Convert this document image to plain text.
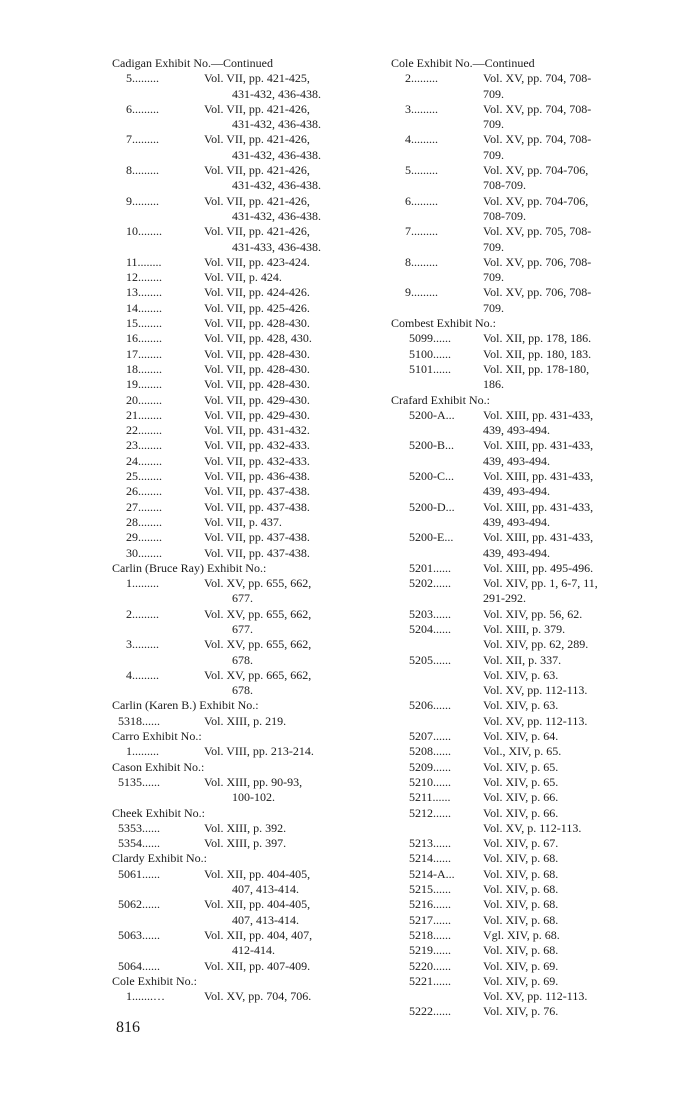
Cadigan Exhibit No.—Continued
5.........	Vol. VII, pp. 421-425,
431-432, 436-438.
6.........	Vol. VII, pp. 421-426,
431-432, 436-438.
7.........	Vol. VII, pp. 421-426,
431-432, 436-438.
8.........	Vol. VII, pp. 421-426,
431-432, 436-438.
9.........	Vol. VII, pp. 421-426,
431-432, 436-438.
10........	Vol. VII, pp. 421-426,
431-433, 436-438.
11........	Vol. VII, pp. 423-424.
12........	Vol. VII, p. 424.
13........	Vol. VII, pp. 424-426.
14........	Vol. VII, pp. 425-426.
15........	Vol. VII, pp. 428-430.
16........	Vol. VII, pp. 428, 430.
17........	Vol. VII, pp. 428-430.
18........	Vol. VII, pp. 428-430.
19........	Vol. VII, pp. 428-430.
20........	Vol. VII, pp. 429-430.
21........	Vol. VII, pp. 429-430.
22........	Vol. VII, pp. 431-432.
23........	Vol. VII, pp. 432-433.
24........	Vol. VII, pp. 432-433.
25........	Vol. VII, pp. 436-438.
26........	Vol. VII, pp. 437-438.
27........	Vol. VII, pp. 437-438.
28........	Vol. VII, p. 437.
29........	Vol. VII, pp. 437-438.
30........	Vol. VII, pp. 437-438.
Carlin (Bruce Ray) Exhibit No.:
1.........	Vol. XV, pp. 655, 662,
677.
2.........	Vol. XV, pp. 655, 662,
677.
3.........	Vol. XV, pp. 655, 662,
678.
4.........	Vol. XV, pp. 665, 662,
678.
Carlin (Karen B.) Exhibit No.:
5318......	Vol. XIII, p. 219.
Carro Exhibit No.:
1.........	Vol. VIII, pp. 213-214.
Cason Exhibit No.:
5135......	Vol. XIII, pp. 90-93,
100-102.
Cheek Exhibit No.:
5353......	Vol. XIII, p. 392.
5354......	Vol. XIII, p. 397.
Clardy Exhibit No.:
5061......	Vol. XII, pp. 404-405,
407, 413-414.
5062......	Vol. XII, pp. 404-405,
407, 413-414.
5063......	Vol. XII, pp. 404, 407,
412-414.
5064......	Vol. XII, pp. 407-409.
Cole Exhibit No.:
1.......…	Vol. XV, pp. 704, 706.
Cole Exhibit No.—Continued
2.........	Vol. XV, pp. 704, 708-
709.
3.........	Vol. XV, pp. 704, 708-
709.
4.........	Vol. XV, pp. 704, 708-
709.
5.........	Vol. XV, pp. 704-706,
708-709.
6.........	Vol. XV, pp. 704-706,
708-709.
7.........	Vol. XV, pp. 705, 708-
709.
8.........	Vol. XV, pp. 706, 708-
709.
9.........	Vol. XV, pp. 706, 708-
709.
Combest Exhibit No.:
5099......	Vol. XII, pp. 178, 186.
5100......	Vol. XII, pp. 180, 183.
5101......	Vol. XII, pp. 178-180,
186.
Crafard Exhibit No.:
5200-A...	Vol. XIII, pp. 431-433,
439, 493-494.
5200-B...	Vol. XIII, pp. 431-433,
439, 493-494.
5200-C...	Vol. XIII, pp. 431-433,
439, 493-494.
5200-D...	Vol. XIII, pp. 431-433,
439, 493-494.
5200-E...	Vol. XIII, pp. 431-433,
439, 493-494.
5201......	Vol. XIII, pp. 495-496.
5202......	Vol. XIV, pp. 1, 6-7, 11,
291-292.
5203......	Vol. XIV, pp. 56, 62.
5204......	Vol. XIII, p. 379.
Vol. XIV, pp. 62, 289.
5205......	Vol. XII, p. 337.
Vol. XIV, p. 63.
Vol. XV, pp. 112-113.
5206......	Vol. XIV, p. 63.
Vol. XV, pp. 112-113.
5207......	Vol. XIV, p. 64.
5208......	Vol., XIV, p. 65.
5209......	Vol. XIV, p. 65.
5210......	Vol. XIV, p. 65.
5211......	Vol. XIV, p. 66.
5212......	Vol. XIV, p. 66.
Vol. XV, p. 112-113.
5213......	Vol. XIV, p. 67.
5214......	Vol. XIV, p. 68.
5214-A...	Vol. XIV, p. 68.
5215......	Vol. XIV, p. 68.
5216......	Vol. XIV, p. 68.
5217......	Vol. XIV, p. 68.
5218......	Vgl. XIV, p. 68.
5219......	Vol. XIV, p. 68.
5220......	Vol. XIV, p. 69.
5221......	Vol. XIV, p. 69.
Vol. XV, pp. 112-113.
5222......	Vol. XIV, p. 76.
816
